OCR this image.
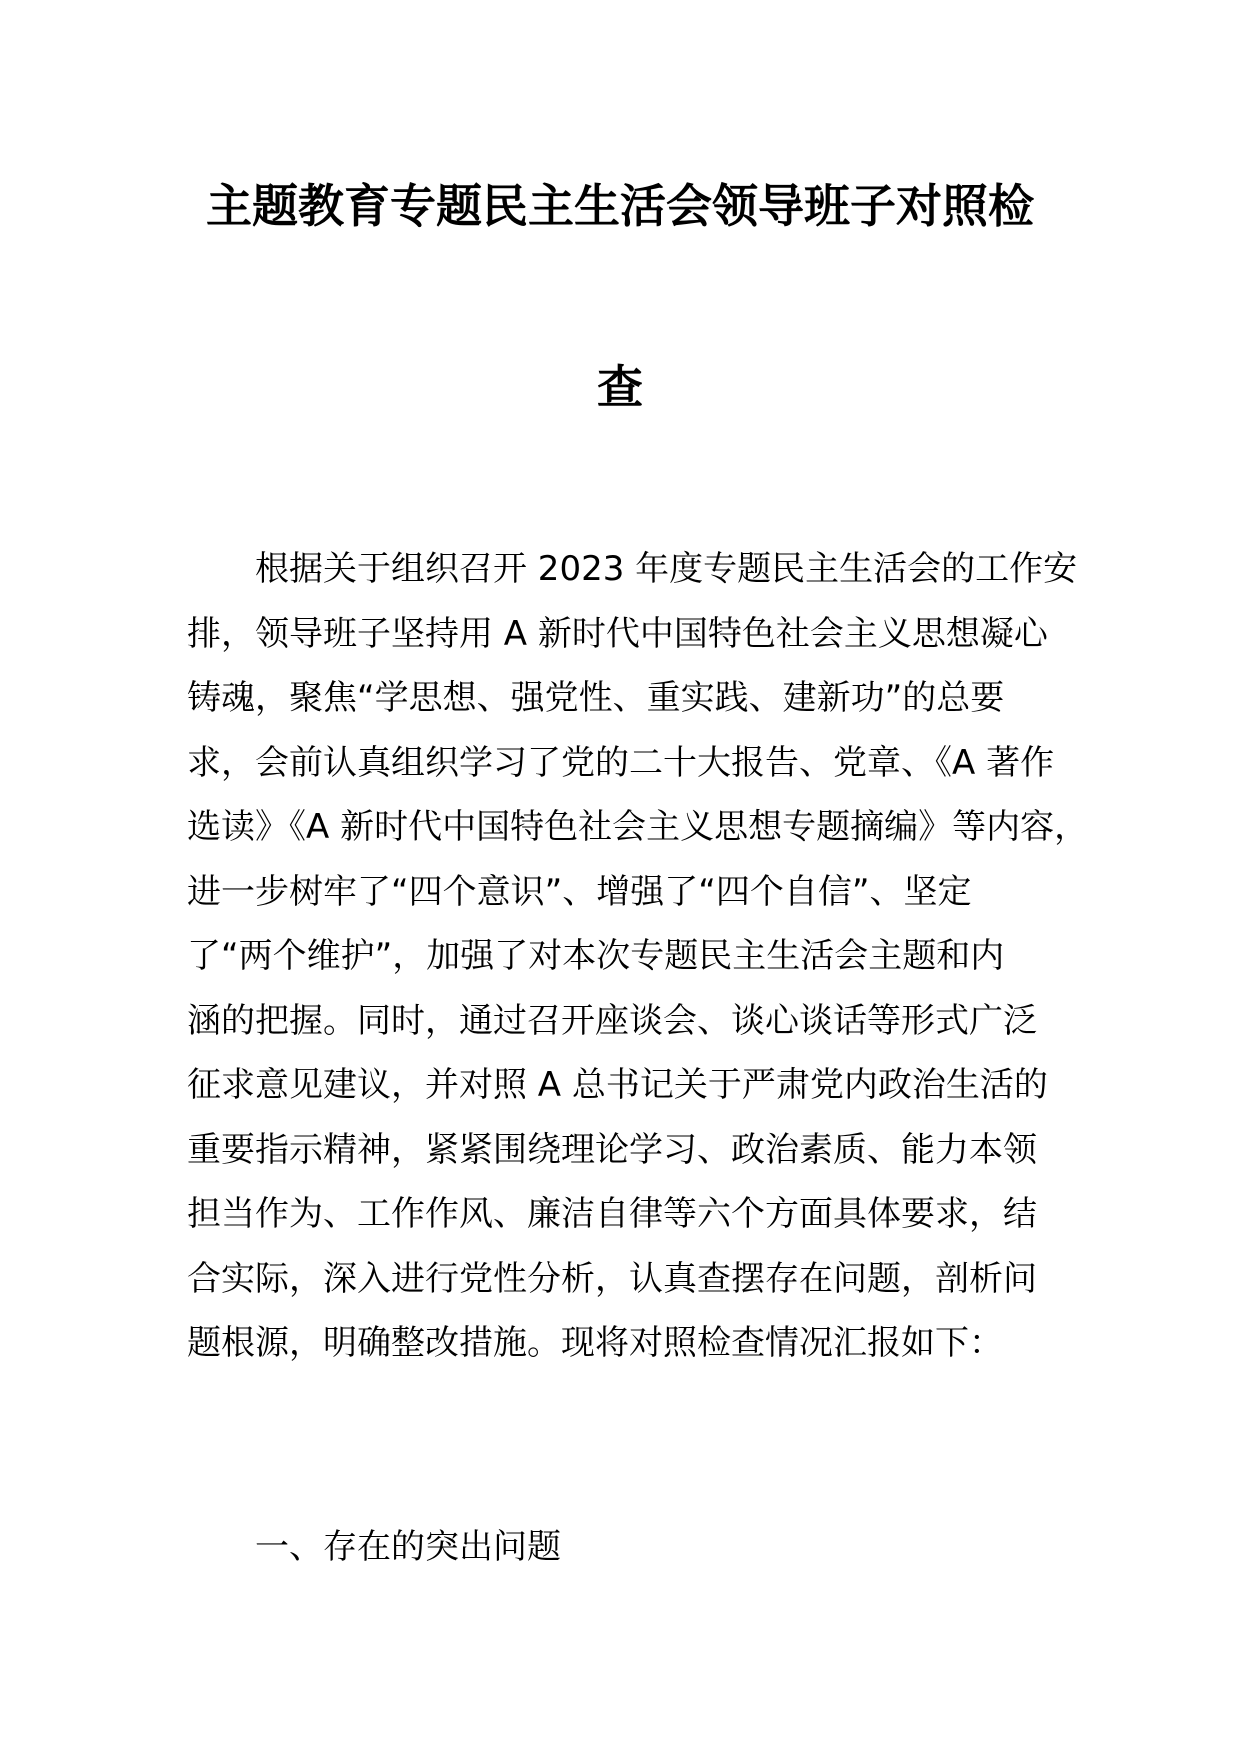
主题教育专题民主生活会领导班子对照检
查
根据关于组织召开 2023 年度专题民主生活会的工作安
排，领导班子坚持用 A 新时代中国特色社会主义思想凝心
铸魂，聚焦“学思想、强党性、重实践、建新功”的总要
求，会前认真组织学习了党的二十大报告、党章、《A 著作
选读》《A 新时代中国特色社会主义思想专题摘编》等内容，
进一步树牢了“四个意识”、增强了“四个自信”、坚定
了“两个维护”，加强了对本次专题民主生活会主题和内
涵的把握。同时，通过召开座谈会、谈心谈话等形式广泛
征求意见建议，并对照 A 总书记关于严肃党内政治生活的
重要指示精神，紧紧围绕理论学习、政治素质、能力本领
担当作为、工作作风、廉洁自律等六个方面具体要求，结
合实际，深入进行党性分析，认真查摆存在问题，剖析问
题根源，明确整改措施。现将对照检查情况汇报如下：
一、存在的突出问题
